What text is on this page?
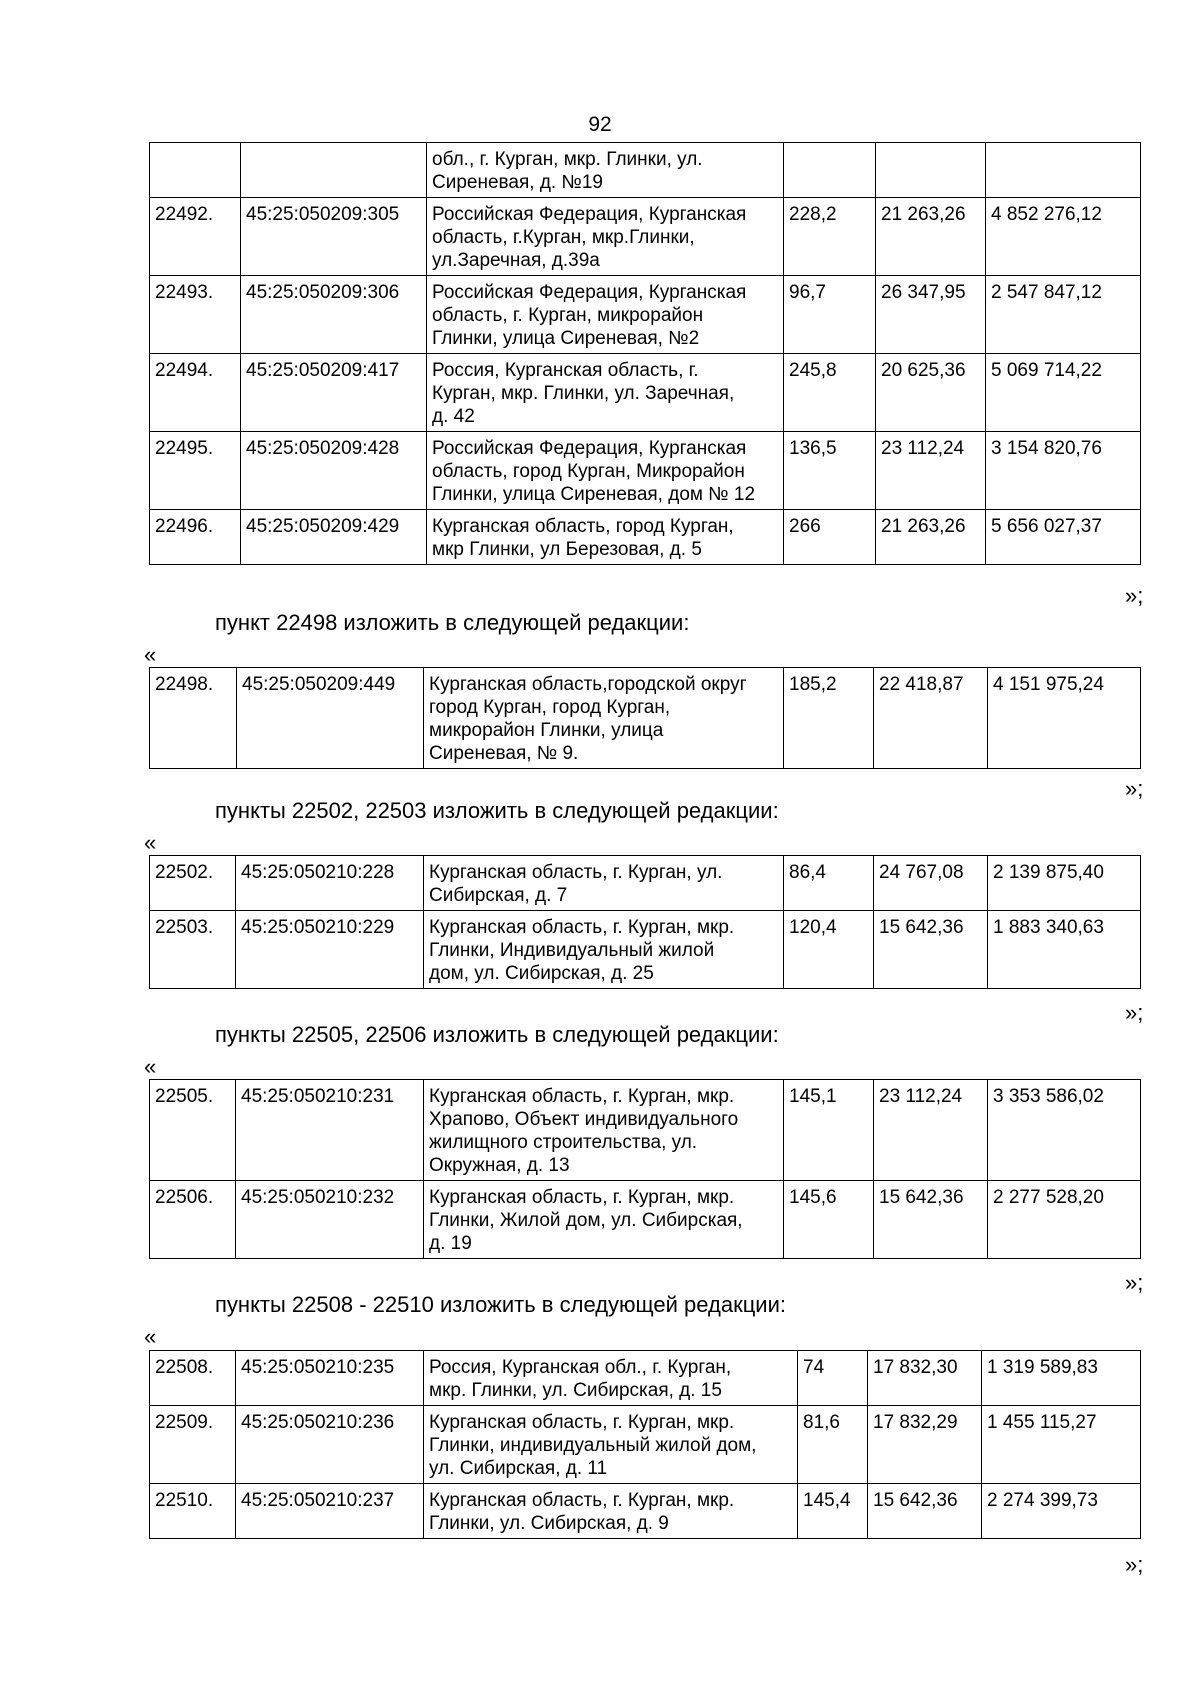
92
		обл., г. Курган, мкр. Глинки, ул.
Сиреневая, д. №19			
22492.	45:25:050209:305	Российская Федерация, Курганская
область, г.Курган, мкр.Глинки,
ул.Заречная, д.39а	228,2	21 263,26	4 852 276,12
22493.	45:25:050209:306	Российская Федерация, Курганская
область, г. Курган, микрорайон
Глинки, улица Сиреневая, №2	96,7	26 347,95	2 547 847,12
22494.	45:25:050209:417	Россия, Курганская область, г.
Курган, мкр. Глинки, ул. Заречная,
д. 42	245,8	20 625,36	5 069 714,22
22495.	45:25:050209:428	Российская Федерация, Курганская
область, город Курган, Микрорайон
Глинки, улица Сиреневая, дом № 12	136,5	23 112,24	3 154 820,76
22496.	45:25:050209:429	Курганская область, город Курган,
мкр Глинки, ул Березовая, д. 5	266	21 263,26	5 656 027,37
»;
пункт 22498 изложить в следующей редакции:
«
22498.	45:25:050209:449	Курганская область,городской округ
город Курган, город Курган,
микрорайон Глинки, улица
Сиреневая, № 9.	185,2	22 418,87	4 151 975,24
»;
пункты 22502, 22503 изложить в следующей редакции:
«
22502.	45:25:050210:228	Курганская область, г. Курган, ул.
Сибирская, д. 7	86,4	24 767,08	2 139 875,40
22503.	45:25:050210:229	Курганская область, г. Курган, мкр.
Глинки, Индивидуальный жилой
дом, ул. Сибирская, д. 25	120,4	15 642,36	1 883 340,63
»;
пункты 22505, 22506 изложить в следующей редакции:
«
22505.	45:25:050210:231	Курганская область, г. Курган, мкр.
Храпово, Объект индивидуального
жилищного строительства, ул.
Окружная, д. 13	145,1	23 112,24	3 353 586,02
22506.	45:25:050210:232	Курганская область, г. Курган, мкр.
Глинки, Жилой дом, ул. Сибирская,
д. 19	145,6	15 642,36	2 277 528,20
»;
пункты 22508 - 22510 изложить в следующей редакции:
«
22508.	45:25:050210:235	Россия, Курганская обл., г. Курган,
мкр. Глинки, ул. Сибирская, д. 15	74	17 832,30	1 319 589,83
22509.	45:25:050210:236	Курганская область, г. Курган, мкр.
Глинки, индивидуальный жилой дом,
ул. Сибирская, д. 11	81,6	17 832,29	1 455 115,27
22510.	45:25:050210:237	Курганская область, г. Курган, мкр.
Глинки, ул. Сибирская, д. 9	145,4	15 642,36	2 274 399,73
»;
